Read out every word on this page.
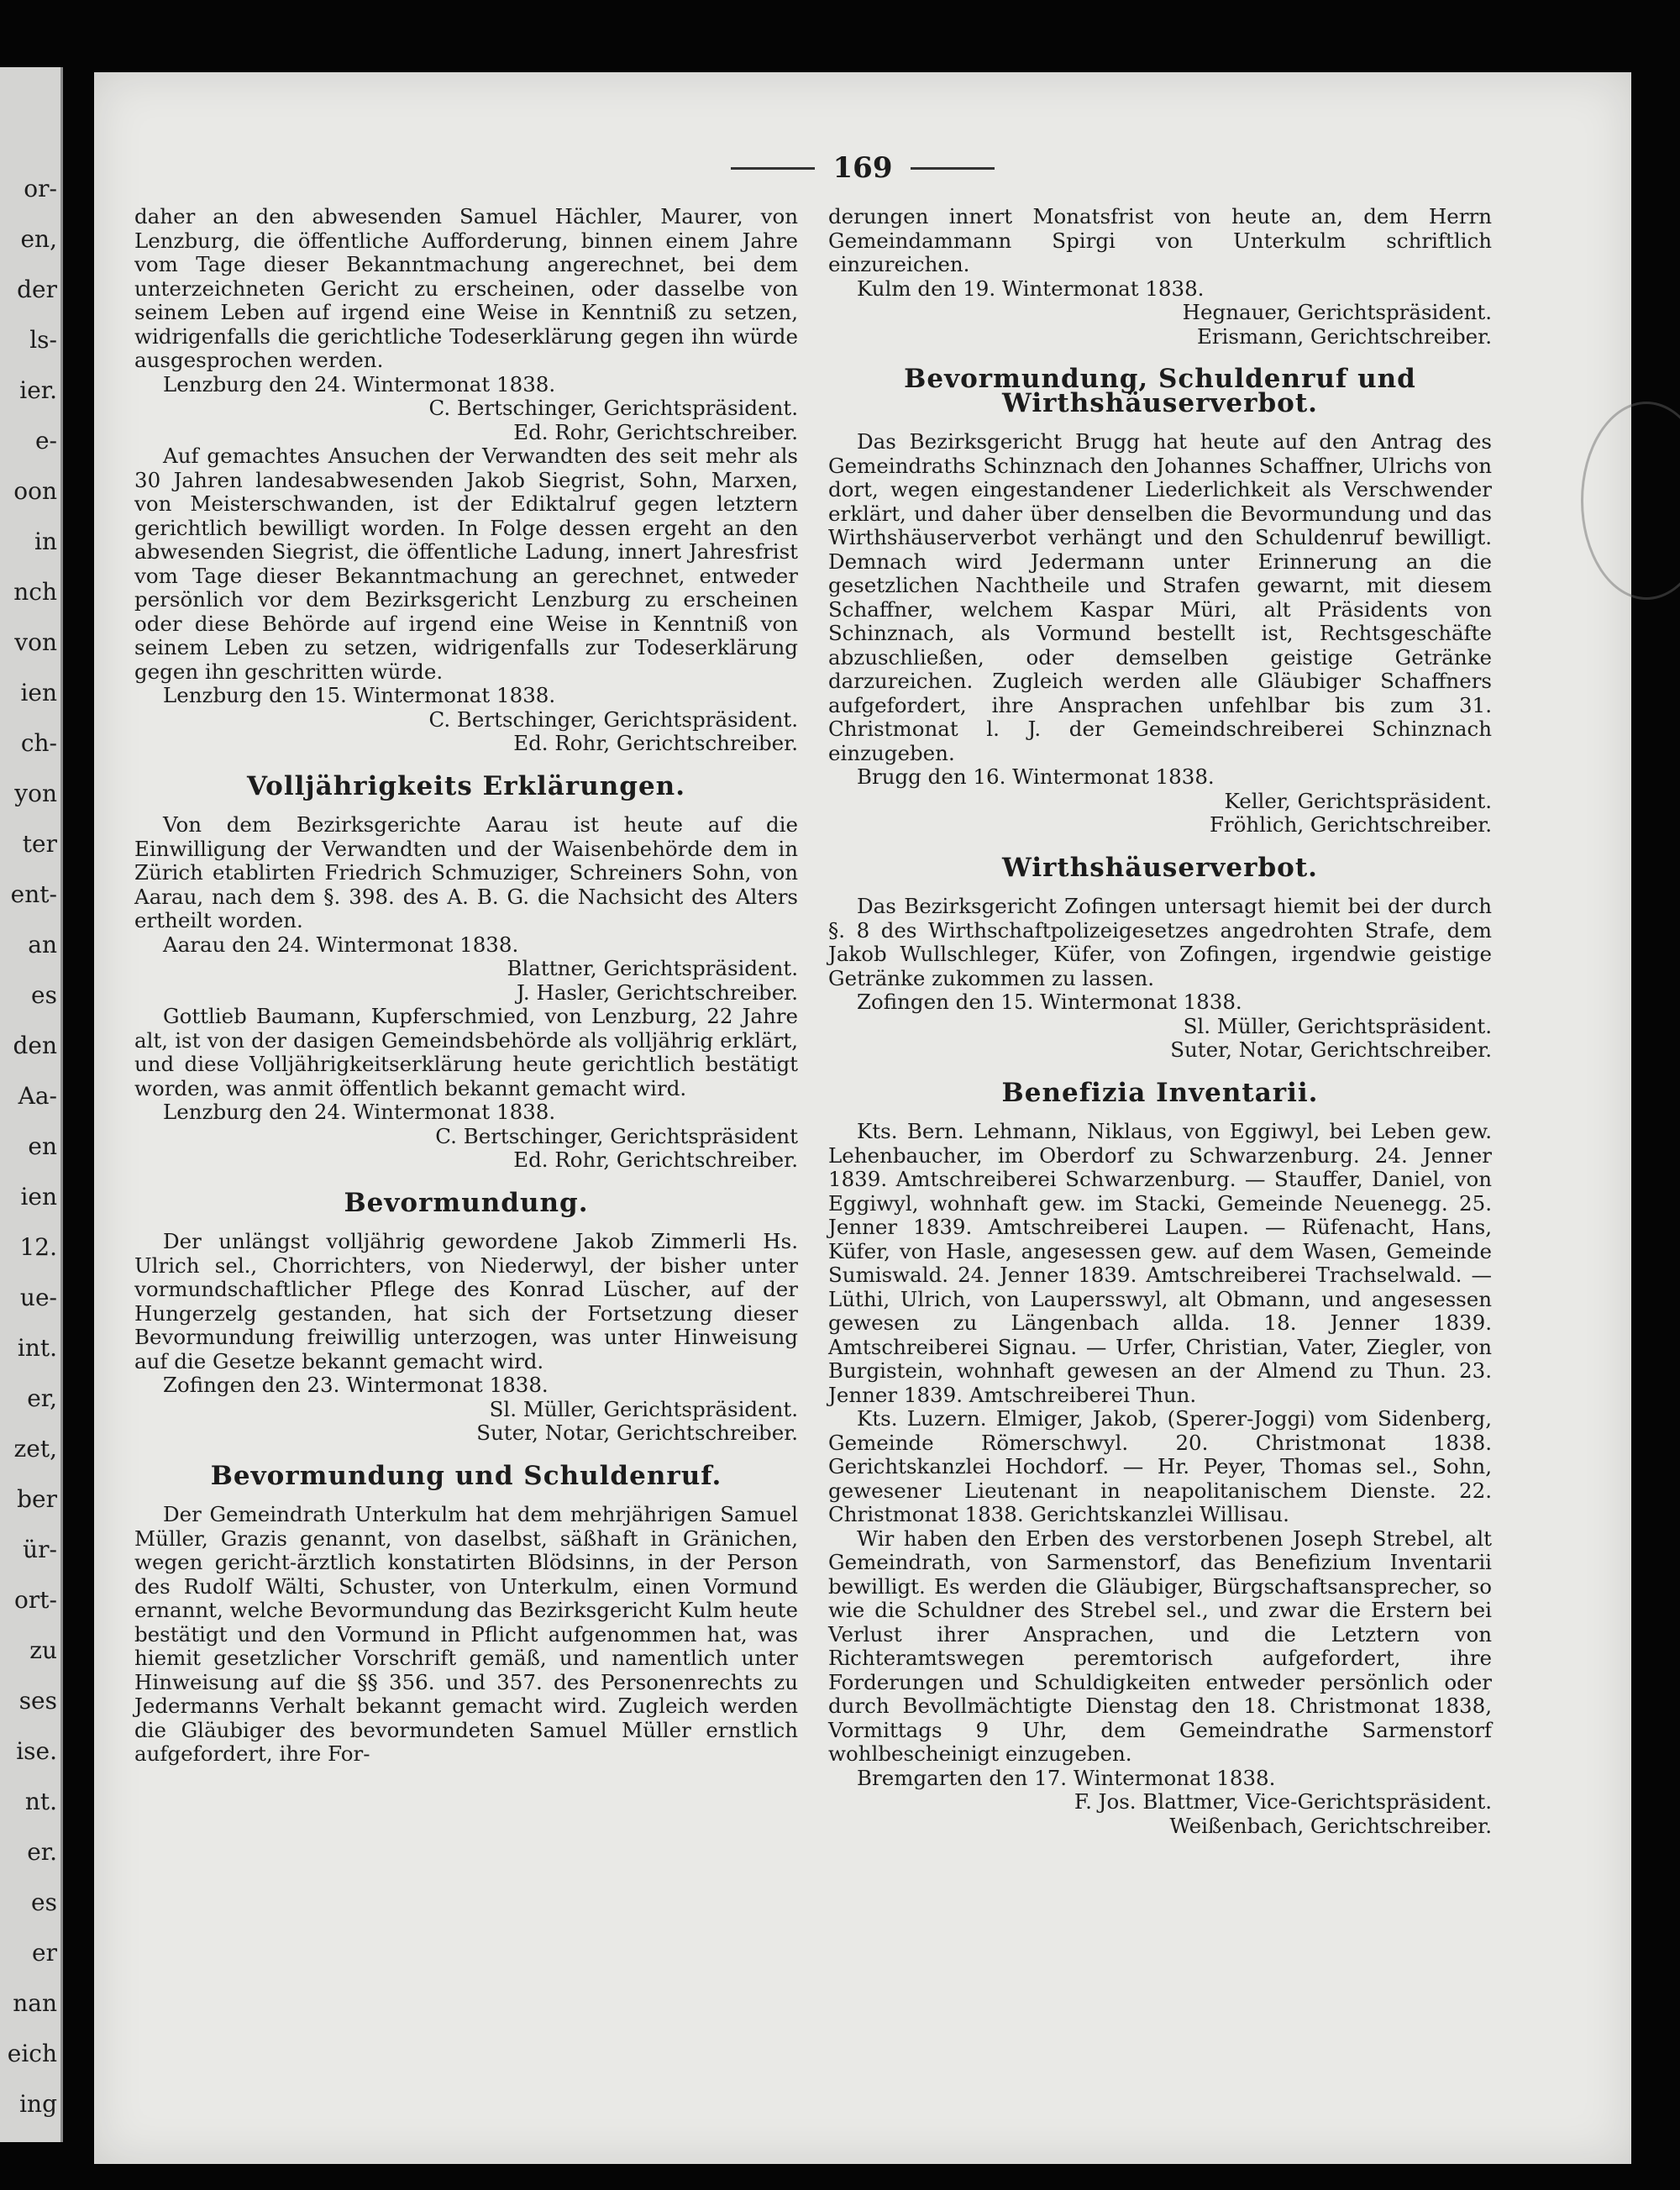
or-
en,
der
ls-
ier.
e-
oon
in
nch
von
ien
ch-
yon
ter
ent-
an
es
den
Aa-
en
ien
12.
ue-
int.
er,
zet,
ber
ür-
ort-
zu
ses
ise.
nt.
er.
es
er
nan
eich
ing
169

daher an den abwesenden Samuel Hächler, Maurer, von Lenzburg, die öffentliche Aufforderung, binnen einem Jahre vom Tage dieser Bekanntmachung angerechnet, bei dem unterzeichneten Gericht zu erscheinen, oder dasselbe von seinem Leben auf irgend eine Weise in Kenntniß zu setzen, widrigenfalls die gerichtliche Todeserklärung gegen ihn würde ausgesprochen werden.

Lenzburg den 24. Wintermonat 1838.

C. Bertschinger, Gerichtspräsident.

Ed. Rohr, Gerichtschreiber.

Auf gemachtes Ansuchen der Verwandten des seit mehr als 30 Jahren landesabwesenden Jakob Siegrist, Sohn, Marxen, von Meisterschwanden, ist der Ediktalruf gegen letztern gerichtlich bewilligt worden. In Folge dessen ergeht an den abwesenden Siegrist, die öffentliche Ladung, innert Jahresfrist vom Tage dieser Bekanntmachung an gerechnet, entweder persönlich vor dem Bezirksgericht Lenzburg zu erscheinen oder diese Behörde auf irgend eine Weise in Kenntniß von seinem Leben zu setzen, widrigenfalls zur Todeserklärung gegen ihn geschritten würde.

Lenzburg den 15. Wintermonat 1838.

C. Bertschinger, Gerichtspräsident.

Ed. Rohr, Gerichtschreiber.

Volljährigkeits Erklärungen.

Von dem Bezirksgerichte Aarau ist heute auf die Einwilligung der Verwandten und der Waisenbehörde dem in Zürich etablirten Friedrich Schmuziger, Schreiners Sohn, von Aarau, nach dem §. 398. des A. B. G. die Nachsicht des Alters ertheilt worden.

Aarau den 24. Wintermonat 1838.

Blattner, Gerichtspräsident.

J. Hasler, Gerichtschreiber.

Gottlieb Baumann, Kupferschmied, von Lenzburg, 22 Jahre alt, ist von der dasigen Gemeindsbehörde als volljährig erklärt, und diese Volljährigkeitserklärung heute gerichtlich bestätigt worden, was anmit öffentlich bekannt gemacht wird.

Lenzburg den 24. Wintermonat 1838.

C. Bertschinger, Gerichtspräsident

Ed. Rohr, Gerichtschreiber.

Bevormundung.

Der unlängst volljährig gewordene Jakob Zimmerli Hs. Ulrich sel., Chorrichters, von Niederwyl, der bisher unter vormundschaftlicher Pflege des Konrad Lüscher, auf der Hungerzelg gestanden, hat sich der Fortsetzung dieser Bevormundung freiwillig unterzogen, was unter Hinweisung auf die Gesetze bekannt gemacht wird.

Zofingen den 23. Wintermonat 1838.

Sl. Müller, Gerichtspräsident.

Suter, Notar, Gerichtschreiber.

Bevormundung und Schuldenruf.

Der Gemeindrath Unterkulm hat dem mehrjährigen Samuel Müller, Grazis genannt, von daselbst, säßhaft in Gränichen, wegen gericht-ärztlich konstatirten Blödsinns, in der Person des Rudolf Wälti, Schuster, von Unterkulm, einen Vormund ernannt, welche Bevormundung das Bezirksgericht Kulm heute bestätigt und den Vormund in Pflicht aufgenommen hat, was hiemit gesetzlicher Vorschrift gemäß, und namentlich unter Hinweisung auf die §§ 356. und 357. des Personenrechts zu Jedermanns Verhalt bekannt gemacht wird. Zugleich werden die Gläubiger des bevormundeten Samuel Müller ernstlich aufgefordert, ihre For-

derungen innert Monatsfrist von heute an, dem Herrn Gemeindammann Spirgi von Unterkulm schriftlich einzureichen.

Kulm den 19. Wintermonat 1838.

Hegnauer, Gerichtspräsident.

Erismann, Gerichtschreiber.

Bevormundung, Schuldenruf und Wirthshäuserverbot.

Das Bezirksgericht Brugg hat heute auf den Antrag des Gemeindraths Schinznach den Johannes Schaffner, Ulrichs von dort, wegen eingestandener Liederlichkeit als Verschwender erklärt, und daher über denselben die Bevormundung und das Wirthshäuserverbot verhängt und den Schuldenruf bewilligt. Demnach wird Jedermann unter Erinnerung an die gesetzlichen Nachtheile und Strafen gewarnt, mit diesem Schaffner, welchem Kaspar Müri, alt Präsidents von Schinznach, als Vormund bestellt ist, Rechtsgeschäfte abzuschließen, oder demselben geistige Getränke darzureichen. Zugleich werden alle Gläubiger Schaffners aufgefordert, ihre Ansprachen unfehlbar bis zum 31. Christmonat l. J. der Gemeindschreiberei Schinznach einzugeben.

Brugg den 16. Wintermonat 1838.

Keller, Gerichtspräsident.

Fröhlich, Gerichtschreiber.

Wirthshäuserverbot.

Das Bezirksgericht Zofingen untersagt hiemit bei der durch §. 8 des Wirthschaftpolizeigesetzes angedrohten Strafe, dem Jakob Wullschleger, Küfer, von Zofingen, irgendwie geistige Getränke zukommen zu lassen.

Zofingen den 15. Wintermonat 1838.

Sl. Müller, Gerichtspräsident.

Suter, Notar, Gerichtschreiber.

Benefizia Inventarii.

Kts. Bern. Lehmann, Niklaus, von Eggiwyl, bei Leben gew. Lehenbaucher, im Oberdorf zu Schwarzenburg. 24. Jenner 1839. Amtschreiberei Schwarzenburg. — Stauffer, Daniel, von Eggiwyl, wohnhaft gew. im Stacki, Gemeinde Neuenegg. 25. Jenner 1839. Amtschreiberei Laupen. — Rüfenacht, Hans, Küfer, von Hasle, angesessen gew. auf dem Wasen, Gemeinde Sumiswald. 24. Jenner 1839. Amtschreiberei Trachselwald. — Lüthi, Ulrich, von Laupersswyl, alt Obmann, und angesessen gewesen zu Längenbach allda. 18. Jenner 1839. Amtschreiberei Signau. — Urfer, Christian, Vater, Ziegler, von Burgistein, wohnhaft gewesen an der Almend zu Thun. 23. Jenner 1839. Amtschreiberei Thun.

Kts. Luzern. Elmiger, Jakob, (Sperer-Joggi) vom Sidenberg, Gemeinde Römerschwyl. 20. Christmonat 1838. Gerichtskanzlei Hochdorf. — Hr. Peyer, Thomas sel., Sohn, gewesener Lieutenant in neapolitanischem Dienste. 22. Christmonat 1838. Gerichtskanzlei Willisau.

Wir haben den Erben des verstorbenen Joseph Strebel, alt Gemeindrath, von Sarmenstorf, das Benefizium Inventarii bewilligt. Es werden die Gläubiger, Bürgschaftsansprecher, so wie die Schuldner des Strebel sel., und zwar die Erstern bei Verlust ihrer Ansprachen, und die Letztern von Richteramtswegen peremtorisch aufgefordert, ihre Forderungen und Schuldigkeiten entweder persönlich oder durch Bevollmächtigte Dienstag den 18. Christmonat 1838, Vormittags 9 Uhr, dem Gemeindrathe Sarmenstorf wohlbescheinigt einzugeben.

Bremgarten den 17. Wintermonat 1838.

F. Jos. Blattmer, Vice-Gerichtspräsident.

Weißenbach, Gerichtschreiber.
